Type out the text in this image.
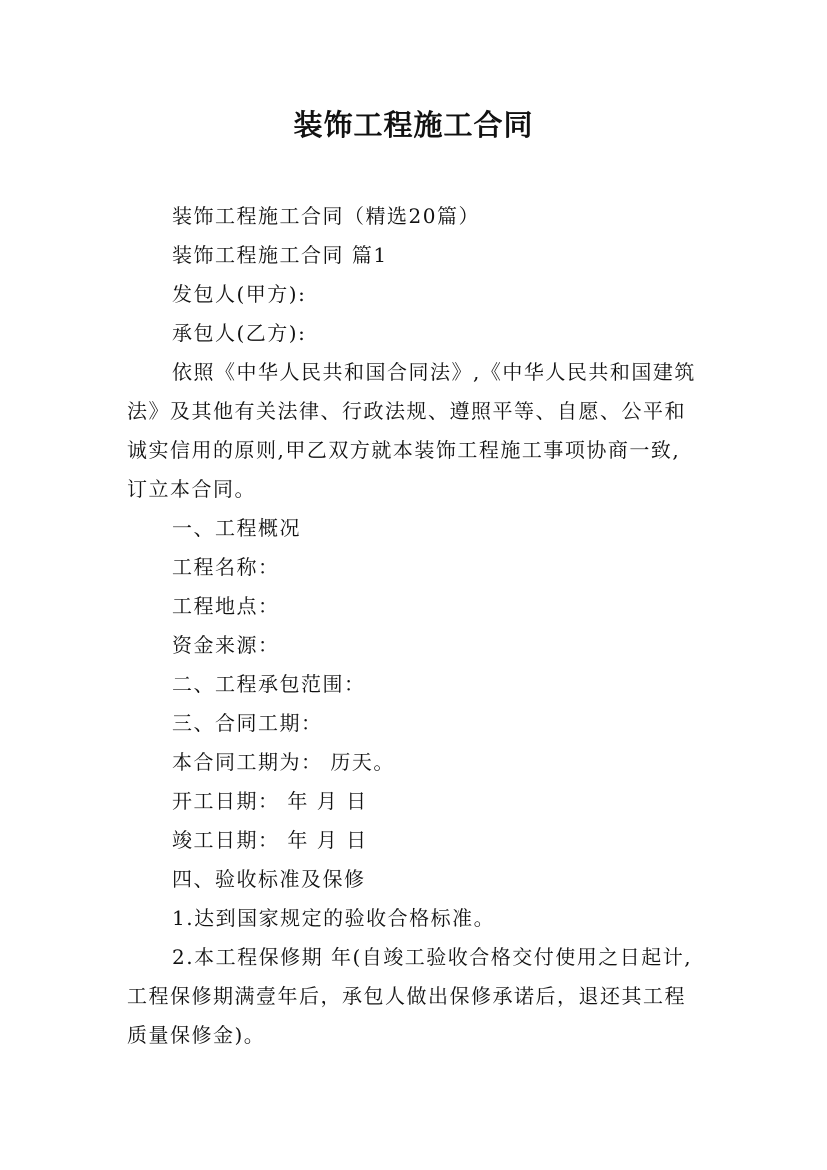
装饰工程施工合同
装饰工程施工合同（精选20篇）
装饰工程施工合同 篇1
发包人(甲方):
承包人(乙方):
依照《中华人民共和国合同法》,《中华人民共和国建筑
法》及其他有关法律、行政法规、遵照平等、自愿、公平和
诚实信用的原则,甲乙双方就本装饰工程施工事项协商一致,
订立本合同。
一、工程概况
工程名称：
工程地点：
资金来源：
二、工程承包范围：
三、合同工期：
本合同工期为： 历天。
开工日期： 年 月 日
竣工日期： 年 月 日
四、验收标准及保修
1.达到国家规定的验收合格标准。
2.本工程保修期 年(自竣工验收合格交付使用之日起计,
工程保修期满壹年后，承包人做出保修承诺后，退还其工程
质量保修金)。
